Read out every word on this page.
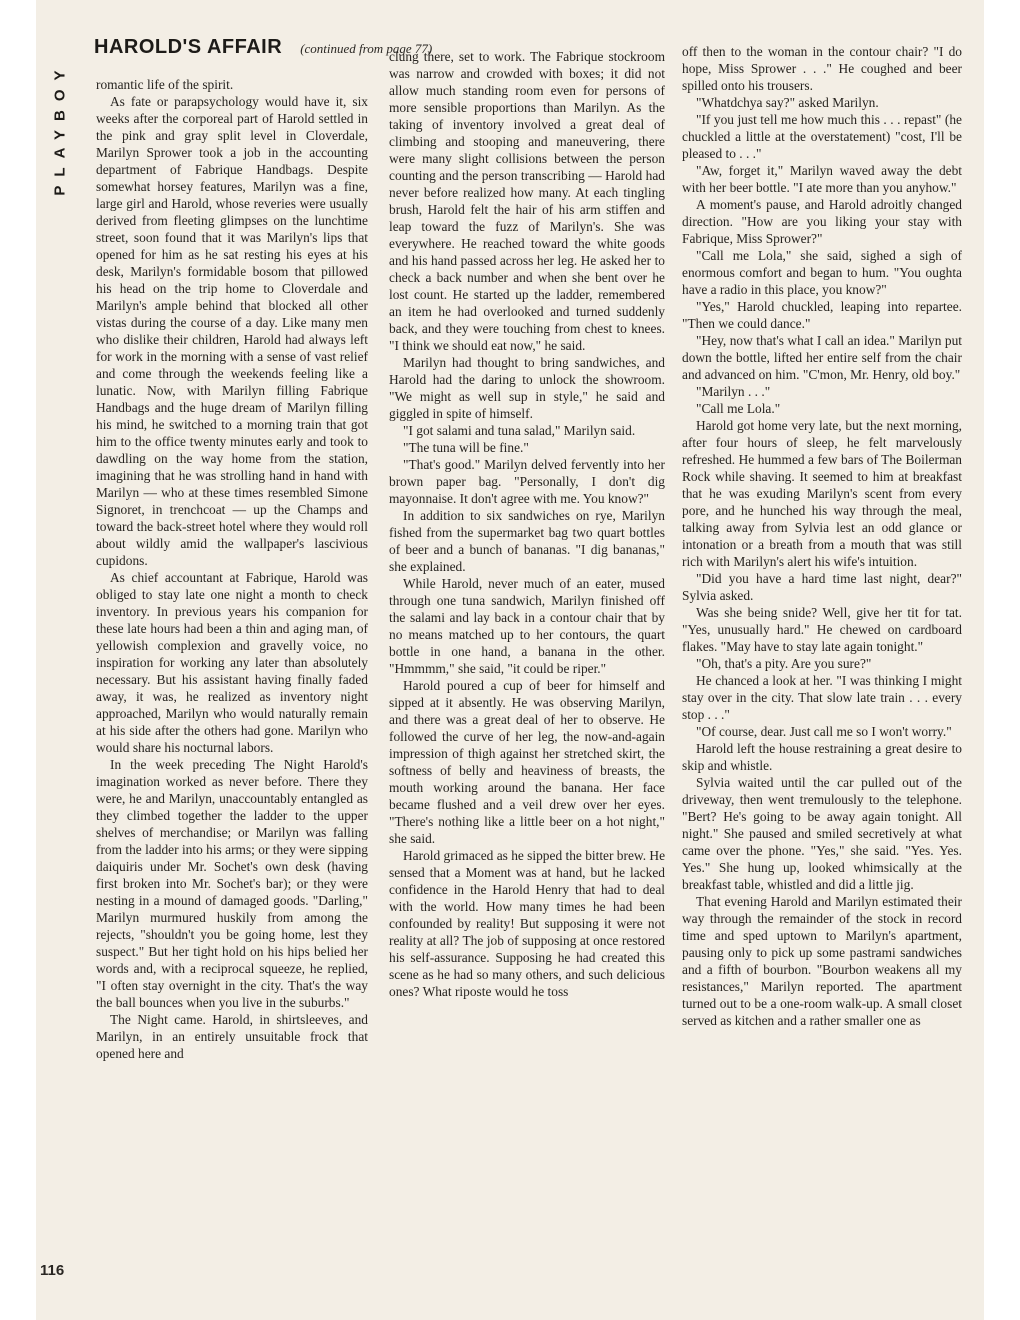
PLAYBOY
HAROLD'S AFFAIR (continued from page 77)

romantic life of the spirit.

As fate or parapsychology would have it, six weeks after the corporeal part of Harold settled in the pink and gray split level in Cloverdale, Marilyn Sprower took a job in the accounting department of Fabrique Handbags. Despite somewhat horsey features, Marilyn was a fine, large girl and Harold, whose reveries were usually derived from fleeting glimpses on the lunchtime street, soon found that it was Marilyn's lips that opened for him as he sat resting his eyes at his desk, Marilyn's formidable bosom that pillowed his head on the trip home to Cloverdale and Marilyn's ample behind that blocked all other vistas during the course of a day. Like many men who dislike their children, Harold had always left for work in the morning with a sense of vast relief and come through the weekends feeling like a lunatic. Now, with Marilyn filling Fabrique Handbags and the huge dream of Marilyn filling his mind, he switched to a morning train that got him to the office twenty minutes early and took to dawdling on the way home from the station, imagining that he was strolling hand in hand with Marilyn — who at these times resembled Simone Signoret, in trenchcoat — up the Champs and toward the back-street hotel where they would roll about wildly amid the wallpaper's lascivious cupidons.

As chief accountant at Fabrique, Harold was obliged to stay late one night a month to check inventory. In previous years his companion for these late hours had been a thin and aging man, of yellowish complexion and gravelly voice, no inspiration for working any later than absolutely necessary. But his assistant having finally faded away, it was, he realized as inventory night approached, Marilyn who would naturally remain at his side after the others had gone. Marilyn who would share his nocturnal labors.

In the week preceding The Night Harold's imagination worked as never before. There they were, he and Marilyn, unaccountably entangled as they climbed together the ladder to the upper shelves of merchandise; or Marilyn was falling from the ladder into his arms; or they were sipping daiquiris under Mr. Sochet's own desk (having first broken into Mr. Sochet's bar); or they were nesting in a mound of damaged goods. "Darling," Marilyn murmured huskily from among the rejects, "shouldn't you be going home, lest they suspect." But her tight hold on his hips belied her words and, with a reciprocal squeeze, he replied, "I often stay overnight in the city. That's the way the ball bounces when you live in the suburbs."

The Night came. Harold, in shirtsleeves, and Marilyn, in an entirely unsuitable frock that opened here and

clung there, set to work. The Fabrique stockroom was narrow and crowded with boxes; it did not allow much standing room even for persons of more sensible proportions than Marilyn. As the taking of inventory involved a great deal of climbing and stooping and maneuvering, there were many slight collisions between the person counting and the person transcribing — Harold had never before realized how many. At each tingling brush, Harold felt the hair of his arm stiffen and leap toward the fuzz of Marilyn's. She was everywhere. He reached toward the white goods and his hand passed across her leg. He asked her to check a back number and when she bent over he lost count. He started up the ladder, remembered an item he had overlooked and turned suddenly back, and they were touching from chest to knees. "I think we should eat now," he said.

Marilyn had thought to bring sandwiches, and Harold had the daring to unlock the showroom. "We might as well sup in style," he said and giggled in spite of himself.

"I got salami and tuna salad," Marilyn said.

"The tuna will be fine."

"That's good." Marilyn delved fervently into her brown paper bag. "Personally, I don't dig mayonnaise. It don't agree with me. You know?"

In addition to six sandwiches on rye, Marilyn fished from the supermarket bag two quart bottles of beer and a bunch of bananas. "I dig bananas," she explained.

While Harold, never much of an eater, mused through one tuna sandwich, Marilyn finished off the salami and lay back in a contour chair that by no means matched up to her contours, the quart bottle in one hand, a banana in the other. "Hmmmm," she said, "it could be riper."

Harold poured a cup of beer for himself and sipped at it absently. He was observing Marilyn, and there was a great deal of her to observe. He followed the curve of her leg, the now-and-again impression of thigh against her stretched skirt, the softness of belly and heaviness of breasts, the mouth working around the banana. Her face became flushed and a veil drew over her eyes. "There's nothing like a little beer on a hot night," she said.

Harold grimaced as he sipped the bitter brew. He sensed that a Moment was at hand, but he lacked confidence in the Harold Henry that had to deal with the world. How many times he had been confounded by reality! But supposing it were not reality at all? The job of supposing at once restored his self-assurance. Supposing he had created this scene as he had so many others, and such delicious ones? What riposte would he toss

off then to the woman in the contour chair? "I do hope, Miss Sprower . . ." He coughed and beer spilled onto his trousers.

"Whatdchya say?" asked Marilyn.

"If you just tell me how much this . . . repast" (he chuckled a little at the overstatement) "cost, I'll be pleased to . . ."

"Aw, forget it," Marilyn waved away the debt with her beer bottle. "I ate more than you anyhow."

A moment's pause, and Harold adroitly changed direction. "How are you liking your stay with Fabrique, Miss Sprower?"

"Call me Lola," she said, sighed a sigh of enormous comfort and began to hum. "You oughta have a radio in this place, you know?"

"Yes," Harold chuckled, leaping into repartee. "Then we could dance."

"Hey, now that's what I call an idea." Marilyn put down the bottle, lifted her entire self from the chair and advanced on him. "C'mon, Mr. Henry, old boy."

"Marilyn . . ."

"Call me Lola."

Harold got home very late, but the next morning, after four hours of sleep, he felt marvelously refreshed. He hummed a few bars of The Boilerman Rock while shaving. It seemed to him at breakfast that he was exuding Marilyn's scent from every pore, and he hunched his way through the meal, talking away from Sylvia lest an odd glance or intonation or a breath from a mouth that was still rich with Marilyn's alert his wife's intuition.

"Did you have a hard time last night, dear?" Sylvia asked.

Was she being snide? Well, give her tit for tat. "Yes, unusually hard." He chewed on cardboard flakes. "May have to stay late again tonight."

"Oh, that's a pity. Are you sure?"

He chanced a look at her. "I was thinking I might stay over in the city. That slow late train . . . every stop . . ."

"Of course, dear. Just call me so I won't worry."

Harold left the house restraining a great desire to skip and whistle.

Sylvia waited until the car pulled out of the driveway, then went tremulously to the telephone. "Bert? He's going to be away again tonight. All night." She paused and smiled secretively at what came over the phone. "Yes," she said. "Yes. Yes. Yes." She hung up, looked whimsically at the breakfast table, whistled and did a little jig.

That evening Harold and Marilyn estimated their way through the remainder of the stock in record time and sped uptown to Marilyn's apartment, pausing only to pick up some pastrami sandwiches and a fifth of bourbon. "Bourbon weakens all my resistances," Marilyn reported. The apartment turned out to be a one-room walk-up. A small closet served as kitchen and a rather smaller one as

116
